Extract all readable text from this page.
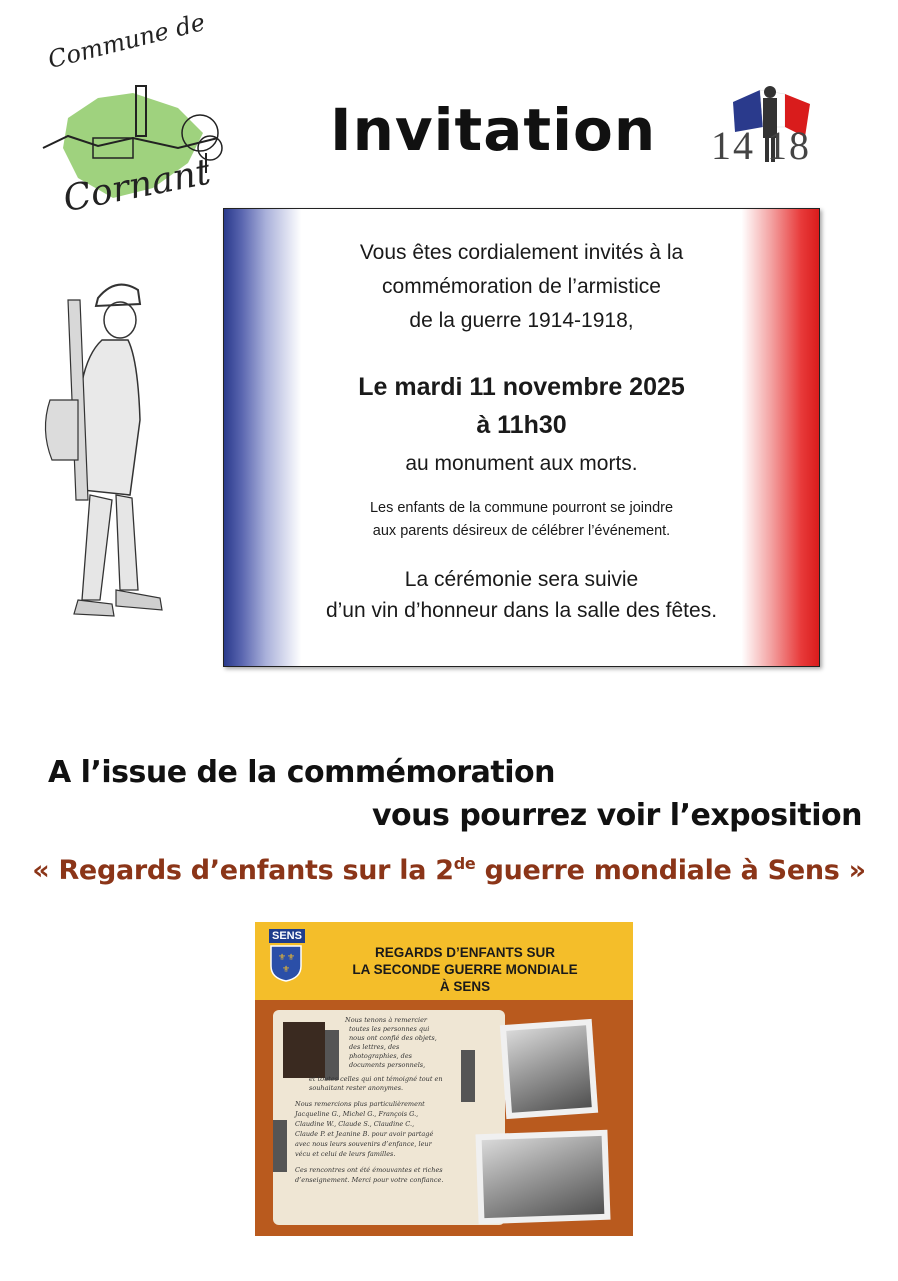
Commune de
Cornant
Invitation 14 18
Vous êtes cordialement invités à la
commémoration de l’armistice
de la guerre 1914-1918,
Le mardi 11 novembre 2025
à 11h30
au monument aux morts.
Les enfants de la commune pourront se joindre
aux parents désireux de célébrer l’événement.
La cérémonie sera suivie
d’un vin d’honneur dans la salle des fêtes.
A l’issue de la commémoration
vous pourrez voir l’exposition
« Regards d’enfants sur la 2de guerre mondiale à Sens »
SENS
⚜ ⚜
⚜
REGARDS D’ENFANTS SUR
LA SECONDE GUERRE MONDIALE
À SENS
Nous tenons à remercier
toutes les personnes qui
nous ont confié des objets,
des lettres, des
photographies, des
documents personnels,
et toutes celles qui ont témoigné tout en
souhaitant rester anonymes.
Nous remercions plus particulièrement
Jacqueline G., Michel G., François G.,
Claudine W., Claude S., Claudine C.,
Claude P. et Jeanine B. pour avoir partagé
avec nous leurs souvenirs d’enfance, leur
vécu et celui de leurs familles.
Ces rencontres ont été émouvantes et riches
d’enseignement. Merci pour votre confiance.
